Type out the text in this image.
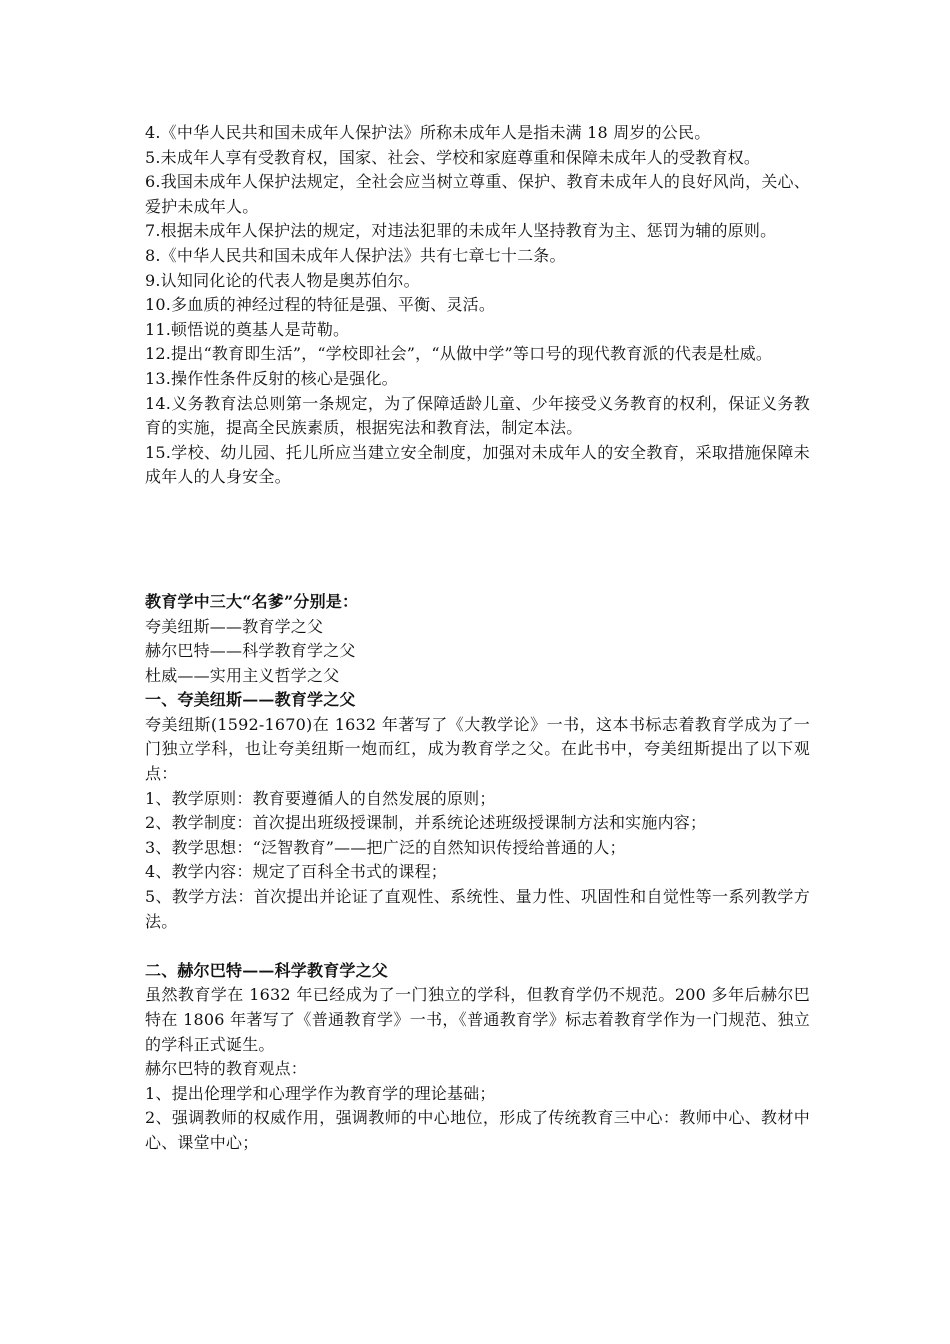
4.《中华人民共和国未成年人保护法》所称未成年人是指未满 18 周岁的公民。

5.未成年人享有受教育权，国家、社会、学校和家庭尊重和保障未成年人的受教育权。

6.我国未成年人保护法规定，全社会应当树立尊重、保护、教育未成年人的良好风尚，关心、爱护未成年人。

7.根据未成年人保护法的规定，对违法犯罪的未成年人坚持教育为主、惩罚为辅的原则。

8.《中华人民共和国未成年人保护法》共有七章七十二条。

9.认知同化论的代表人物是奥苏伯尔。

10.多血质的神经过程的特征是强、平衡、灵活。

11.顿悟说的奠基人是苛勒。

12.提出“教育即生活”，“学校即社会”，“从做中学”等口号的现代教育派的代表是杜威。

13.操作性条件反射的核心是强化。

14.义务教育法总则第一条规定，为了保障适龄儿童、少年接受义务教育的权利，保证义务教育的实施，提高全民族素质，根据宪法和教育法，制定本法。

15.学校、幼儿园、托儿所应当建立安全制度，加强对未成年人的安全教育，采取措施保障未成年人的人身安全。

教育学中三大“名爹”分别是：

夸美纽斯——教育学之父

赫尔巴特——科学教育学之父

杜威——实用主义哲学之父

一、夸美纽斯——教育学之父

夸美纽斯(1592-1670)在 1632 年著写了《大教学论》一书，这本书标志着教育学成为了一门独立学科，也让夸美纽斯一炮而红，成为教育学之父。在此书中，夸美纽斯提出了以下观点：

1、教学原则：教育要遵循人的自然发展的原则；

2、教学制度：首次提出班级授课制，并系统论述班级授课制方法和实施内容；

3、教学思想：“泛智教育”——把广泛的自然知识传授给普通的人；

4、教学内容：规定了百科全书式的课程；

5、教学方法：首次提出并论证了直观性、系统性、量力性、巩固性和自觉性等一系列教学方法。

二、赫尔巴特——科学教育学之父

虽然教育学在 1632 年已经成为了一门独立的学科，但教育学仍不规范。200 多年后赫尔巴特在 1806 年著写了《普通教育学》一书，《普通教育学》标志着教育学作为一门规范、独立的学科正式诞生。

赫尔巴特的教育观点：

1、提出伦理学和心理学作为教育学的理论基础；

2、强调教师的权威作用，强调教师的中心地位，形成了传统教育三中心：教师中心、教材中心、课堂中心；
